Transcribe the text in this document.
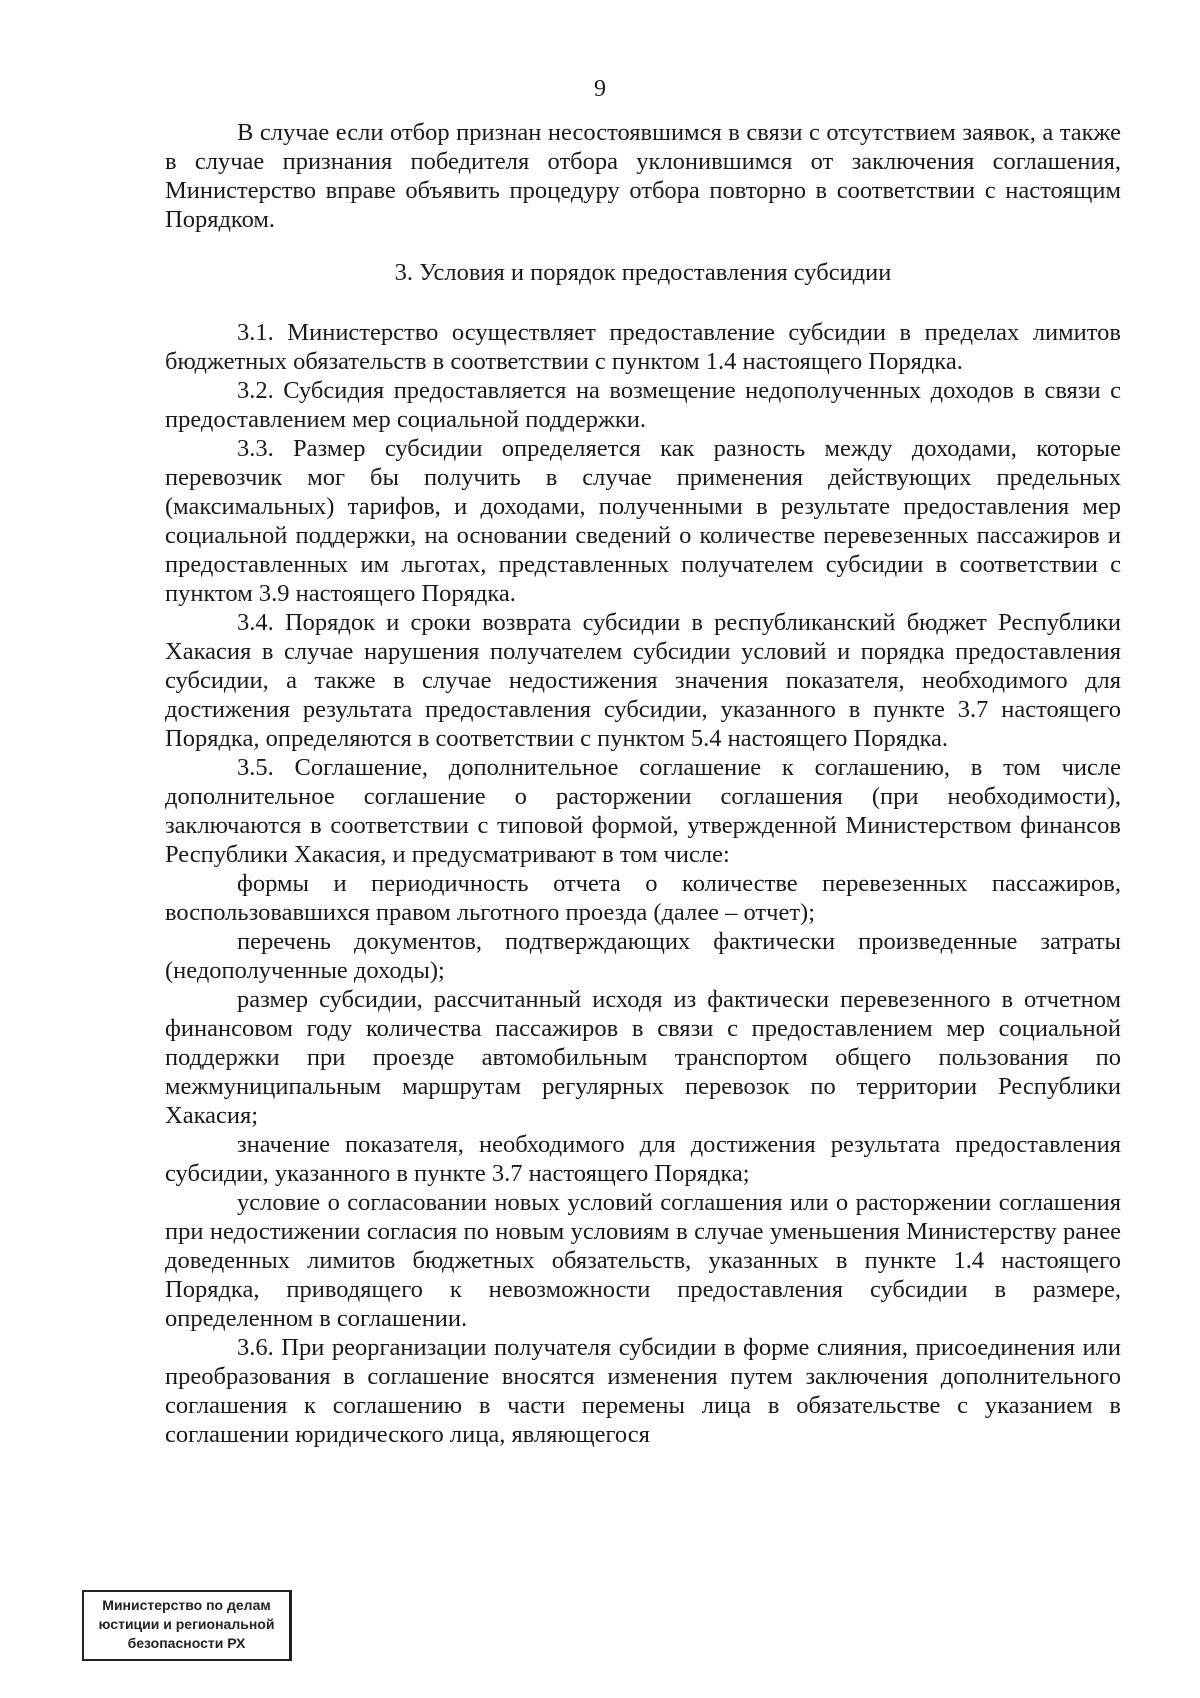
9

В случае если отбор признан несостоявшимся в связи с отсутствием заявок, а также в случае признания победителя отбора уклонившимся от заключения соглашения, Министерство вправе объявить процедуру отбора повторно в соответствии с настоящим Порядком.

3. Условия и порядок предоставления субсидии

3.1. Министерство осуществляет предоставление субсидии в пределах лимитов бюджетных обязательств в соответствии с пунктом 1.4 настоящего Порядка.

3.2. Субсидия предоставляется на возмещение недополученных доходов в связи с предоставлением мер социальной поддержки.

3.3. Размер субсидии определяется как разность между доходами, которые перевозчик мог бы получить в случае применения действующих предельных (максимальных) тарифов, и доходами, полученными в результате предоставления мер социальной поддержки, на основании сведений о количестве перевезенных пассажиров и предоставленных им льготах, представленных получателем субсидии в соответствии с пунктом 3.9 настоящего Порядка.

3.4. Порядок и сроки возврата субсидии в республиканский бюджет Республики Хакасия в случае нарушения получателем субсидии условий и порядка предоставления субсидии, а также в случае недостижения значения показателя, необходимого для достижения результата предоставления субсидии, указанного в пункте 3.7 настоящего Порядка, определяются в соответствии с пунктом 5.4 настоящего Порядка.

3.5. Соглашение, дополнительное соглашение к соглашению, в том числе дополнительное соглашение о расторжении соглашения (при необходимости), заключаются в соответствии с типовой формой, утвержденной Министерством финансов Республики Хакасия, и предусматривают в том числе:

формы и периодичность отчета о количестве перевезенных пассажиров, воспользовавшихся правом льготного проезда (далее – отчет);

перечень документов, подтверждающих фактически произведенные затраты (недополученные доходы);

размер субсидии, рассчитанный исходя из фактически перевезенного в отчетном финансовом году количества пассажиров в связи с предоставлением мер социальной поддержки при проезде автомобильным транспортом общего пользования по межмуниципальным маршрутам регулярных перевозок по территории Республики Хакасия;

значение показателя, необходимого для достижения результата предоставления субсидии, указанного в пункте 3.7 настоящего Порядка;

условие о согласовании новых условий соглашения или о расторжении соглашения при недостижении согласия по новым условиям в случае уменьшения Министерству ранее доведенных лимитов бюджетных обязательств, указанных в пункте 1.4 настоящего Порядка, приводящего к невозможности предоставления субсидии в размере, определенном в соглашении.

3.6. При реорганизации получателя субсидии в форме слияния, присоединения или преобразования в соглашение вносятся изменения путем заключения дополнительного соглашения к соглашению в части перемены лица в обязательстве с указанием в соглашении юридического лица, являющегося

Министерство по делам
юстиции и региональной
безопасности РХ
